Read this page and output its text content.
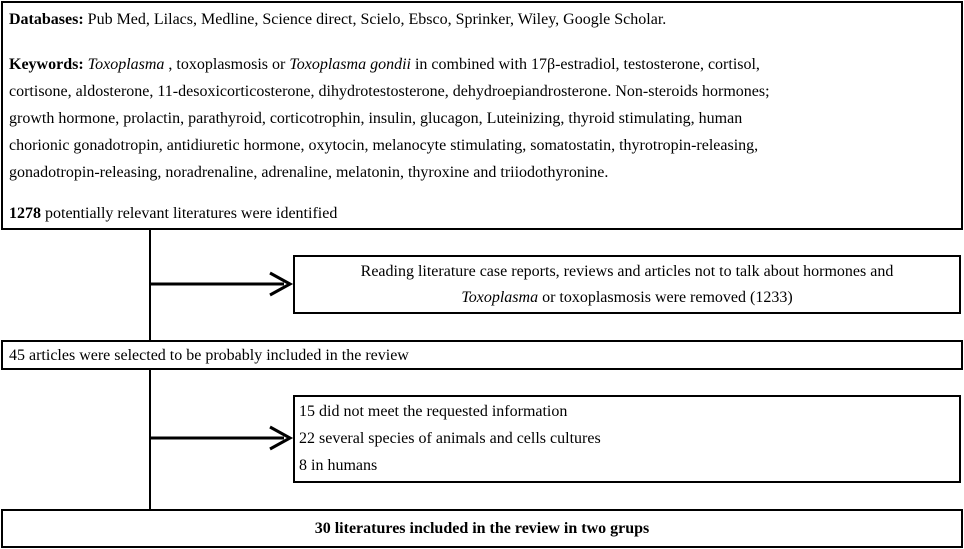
Databases: Pub Med, Lilacs, Medline, Science direct, Scielo, Ebsco, Sprinker, Wiley, Google Scholar.

Keywords: Toxoplasma , toxoplasmosis or Toxoplasma gondii in combined with 17β-estradiol, testosterone, cortisol,

cortisone, aldosterone, 11-desoxicorticosterone, dihydrotestosterone, dehydroepiandrosterone. Non-steroids hormones;

growth hormone, prolactin, parathyroid, corticotrophin, insulin, glucagon, Luteinizing, thyroid stimulating, human

chorionic gonadotropin, antidiuretic hormone, oxytocin, melanocyte stimulating, somatostatin, thyrotropin-releasing,

gonadotropin-releasing, noradrenaline, adrenaline, melatonin, thyroxine and triiodothyronine.

1278 potentially relevant literatures were identified

Reading literature case reports, reviews and articles not to talk about hormones and

Toxoplasma or toxoplasmosis were removed (1233)

45 articles were selected to be probably included in the review

15 did not meet the requested information

22 several species of animals and cells cultures

8 in humans

30 literatures included in the review in two grups
